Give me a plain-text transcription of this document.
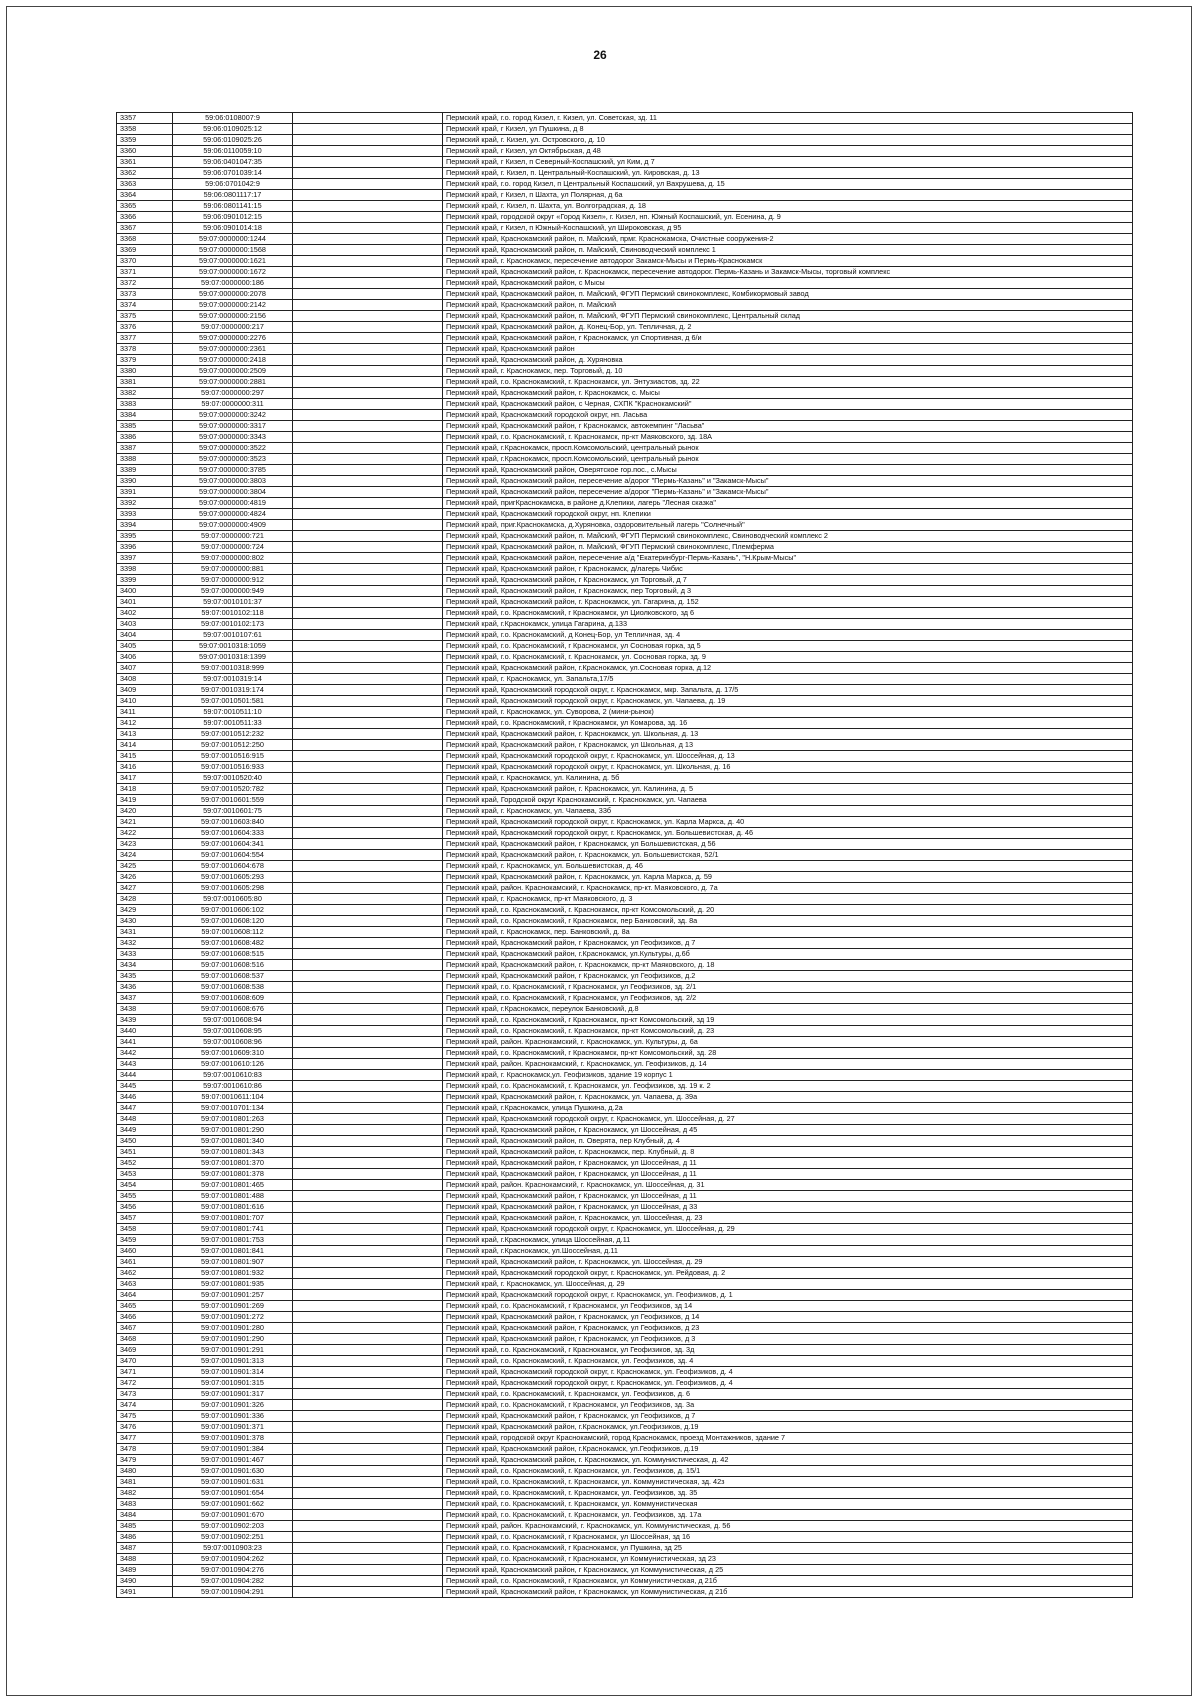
26
3357	59:06:0108007:9		Пермский край, г.о. город Кизел, г. Кизел, ул. Советская, зд. 11
3358	59:06:0109025:12		Пермский край, г Кизел, ул Пушкина, д 8
3359	59:06:0109025:26		Пермский край, г. Кизел, ул. Островского, д. 10
3360	59:06:0110059:10		Пермский край, г Кизел, ул Октябрьская, д 48
3361	59:06:0401047:35		Пермский край, г Кизел, п Северный-Коспашский, ул Ким, д 7
3362	59:06:0701039:14		Пермский край, г. Кизел, п. Центральный-Коспашский, ул. Кировская, д. 13
3363	59:06:0701042:9		Пермский край, г.о. город Кизел, п Центральный Коспашский, ул Вахрушева, д. 15
3364	59:06:0801117:17		Пермский край, г Кизел, п Шахта, ул Полярная, д 6а
3365	59:06:0801141:15		Пермский край, г. Кизел, п. Шахта, ул. Волгоградская, д. 18
3366	59:06:0901012:15		Пермский край, городской округ «Город Кизел», г. Кизел, нп. Южный Коспашский, ул. Есенина, д. 9
3367	59:06:0901014:18		Пермский край, г Кизел, п Южный-Коспашский, ул Широковская, д 95
3368	59:07:0000000:1244		Пермский край, Краснокамский район, п. Майский, прмг. Краснокамска, Очистные сооружения-2
3369	59:07:0000000:1568		Пермский край, Краснокамский район, п. Майский, Свиноводческий комплекс 1
3370	59:07:0000000:1621		Пермский край, г. Краснокамск, пересечение автодорог Закамск-Мысы и Пермь-Краснокамск
3371	59:07:0000000:1672		Пермский край, Краснокамский район, г. Краснокамск, пересечение автодорог. Пермь-Казань и Закамск-Мысы, торговый комплекс
3372	59:07:0000000:186		Пермский край, Краснокамский район, с Мысы
3373	59:07:0000000:2078		Пермский край, Краснокамский район, п. Майский, ФГУП Пермский свинокомплекс, Комбикормовый завод
3374	59:07:0000000:2142		Пермский край, Краснокамский район, п. Майский
3375	59:07:0000000:2156		Пермский край, Краснокамский район, п. Майский, ФГУП Пермский свинокомплекс, Центральный склад
3376	59:07:0000000:217		Пермский край, Краснокамский район, д. Конец-Бор, ул. Тепличная, д. 2
3377	59:07:0000000:2276		Пермский край, Краснокамский район, г Краснокамск, ул Спортивная, д 6/и
3378	59:07:0000000:2361		Пермский край, Краснокамский район
3379	59:07:0000000:2418		Пермский край, Краснокамский район, д. Хуряновка
3380	59:07:0000000:2509		Пермский край, г. Краснокамск, пер. Торговый, д. 10
3381	59:07:0000000:2881		Пермский край, г.о. Краснокамский, г. Краснокамск, ул. Энтузиастов, зд. 22
3382	59:07:0000000:297		Пермский край, Краснокамский район, г. Краснокамск, с. Мысы
3383	59:07:0000000:311		Пермский край, Краснокамский район, с Черная, СХПК "Краснокамский"
3384	59:07:0000000:3242		Пермский край, Краснокамский городской округ, нп. Ласьва
3385	59:07:0000000:3317		Пермский край, Краснокамский район, г Краснокамск, автокемпинг "Ласьва"
3386	59:07:0000000:3343		Пермский край, г.о. Краснокамский, г. Краснокамск, пр-кт Маяковского, зд. 18А
3387	59:07:0000000:3522		Пермский край, г.Краснокамск, просп.Комсомольский, центральный рынок
3388	59:07:0000000:3523		Пермский край, г.Краснокамск, просп.Комсомольский, центральный рынок
3389	59:07:0000000:3785		Пермский край, Краснокамский район, Оверятское гор.пос., с.Мысы
3390	59:07:0000000:3803		Пермский край, Краснокамский район, пересечение а/дорог "Пермь-Казань" и "Закамск-Мысы"
3391	59:07:0000000:3804		Пермский край, Краснокамский район, пересечение а/дорог "Пермь-Казань" и "Закамск-Мысы"
3392	59:07:0000000:4819		Пермский край, пригКраснокамска, в районе д.Клепики, лагерь "Лесная сказка"
3393	59:07:0000000:4824		Пермский край, Краснокамский городской округ, нп. Клепики
3394	59:07:0000000:4909		Пермский край, приг.Краснокамска, д.Хуряновка, оздоровительный лагерь "Солнечный"
3395	59:07:0000000:721		Пермский край, Краснокамский район, п. Майский, ФГУП Пермский свинокомплекс, Свиноводческий комплекс 2
3396	59:07:0000000:724		Пермский край, Краснокамский район, п. Майский, ФГУП Пермский свинокомплекс, Племферма
3397	59:07:0000000:802		Пермский край, Краснокамский район, пересечение а/д "Екатеринбург-Пермь-Казань", "Н.Крым-Мысы"
3398	59:07:0000000:881		Пермский край, Краснокамский район, г Краснокамск, д/лагерь Чибис
3399	59:07:0000000:912		Пермский край, Краснокамский район, г Краснокамск, ул Торговый, д 7
3400	59:07:0000000:949		Пермский край, Краснокамский район, г Краснокамск, пер Торговый, д 3
3401	59:07:0010101:37		Пермский край, Краснокамский район, г. Краснокамск, ул. Гагарина, д. 152
3402	59:07:0010102:118		Пермский край, г.о. Краснокамский, г Краснокамск, ул Циолковского, зд 6
3403	59:07:0010102:173		Пермский край, г.Краснокамск, улица Гагарина, д.133
3404	59:07:0010107:61		Пермский край, г.о. Краснокамский, д Конец-Бор, ул Тепличная, зд. 4
3405	59:07:0010318:1059		Пермский край, г.о. Краснокамский, г Краснокамск, ул Сосновая горка, зд 5
3406	59:07:0010318:1399		Пермский край, г.о. Краснокамский, г. Краснокамск, ул. Сосновая горка, зд. 9
3407	59:07:0010318:999		Пермский край, Краснокамский район, г.Краснокамск, ул.Сосновая горка, д.12
3408	59:07:0010319:14		Пермский край, г. Краснокамск, ул. Запальта,17/5
3409	59:07:0010319:174		Пермский край, Краснокамский городской округ, г. Краснокамск, мкр. Запальта, д. 17/5
3410	59:07:0010501:581		Пермский край, Краснокамский городской округ, г. Краснокамск, ул. Чапаева, д. 19
3411	59:07:0010511:10		Пермский край, г. Краснокамск, ул. Суворова, 2 (мини-рынок)
3412	59:07:0010511:33		Пермский край, г.о. Краснокамский, г Краснокамск, ул Комарова, зд. 16
3413	59:07:0010512:232		Пермский край, Краснокамский район, г. Краснокамск, ул. Школьная, д. 13
3414	59:07:0010512:250		Пермский край, Краснокамский район, г Краснокамск, ул Школьная, д 13
3415	59:07:0010516:915		Пермский край, Краснокамский городской округ, г. Краснокамск, ул. Шоссейная, д. 13
3416	59:07:0010516:933		Пермский край, Краснокамский городской округ, г. Краснокамск, ул. Школьная, д. 16
3417	59:07:0010520:40		Пермский край, г. Краснокамск, ул. Калинина, д. 5б
3418	59:07:0010520:782		Пермский край, Краснокамский район, г. Краснокамск, ул. Калинина, д. 5
3419	59:07:0010601:559		Пермский край, Городской округ Краснокамский, г. Краснокамск, ул. Чапаева
3420	59:07:0010601:75		Пермский край, г. Краснокамск, ул. Чапаева, 33б
3421	59:07:0010603:840		Пермский край, Краснокамский городской округ, г. Краснокамск, ул. Карла Маркса, д. 40
3422	59:07:0010604:333		Пермский край, Краснокамский городской округ, г. Краснокамск, ул. Большевистская, д. 46
3423	59:07:0010604:341		Пермский край, Краснокамский район, г Краснокамск, ул Большевистская, д 56
3424	59:07:0010604:554		Пермский край, Краснокамский район, г. Краснокамск, ул. Большевистская, 52/1
3425	59:07:0010604:678		Пермский край, г. Краснокамск, ул. Большевистская, д. 46
3426	59:07:0010605:293		Пермский край, Краснокамский район, г. Краснокамск, ул. Карла Маркса, д. 59
3427	59:07:0010605:298		Пермский край, район. Краснокамский, г. Краснокамск, пр-кт. Маяковского, д. 7а
3428	59:07:0010605:80		Пермский край, г. Краснокамск, пр-кт Маяковского, д. 3
3429	59:07:0010606:102		Пермский край, г.о. Краснокамский, г. Краснокамск, пр-кт Комсомольский, д. 20
3430	59:07:0010608:120		Пермский край, г.о. Краснокамский, г Краснокамск, пер Банковский, зд. 8а
3431	59:07:0010608:112		Пермский край, г. Краснокамск, пер. Банковский, д. 8а
3432	59:07:0010608:482		Пермский край, Краснокамский район, г Краснокамск, ул Геофизиков, д 7
3433	59:07:0010608:515		Пермский край, Краснокамский район, г.Краснокамск, ул.Культуры, д.6б
3434	59:07:0010608:516		Пермский край, Краснокамский район, г. Краснокамск, пр-кт Маяковского, д. 18
3435	59:07:0010608:537		Пермский край, Краснокамский район, г Краснокамск, ул Геофизиков, д.2
3436	59:07:0010608:538		Пермский край, г.о. Краснокамский, г Краснокамск, ул Геофизиков, зд. 2/1
3437	59:07:0010608:609		Пермский край, г.о. Краснокамский, г Краснокамск, ул Геофизиков, зд. 2/2
3438	59:07:0010608:676		Пермский край, г.Краснокамск, переулок Банковский, д.8
3439	59:07:0010608:94		Пермский край, г.о. Краснокамский, г Краснокамск, пр-кт Комсомольский, зд 19
3440	59:07:0010608:95		Пермский край, г.о. Краснокамский, г. Краснокамск, пр-кт Комсомольский, д. 23
3441	59:07:0010608:96		Пермский край, район. Краснокамский, г. Краснокамск, ул. Культуры, д. 6а
3442	59:07:0010609:310		Пермский край, г.о. Краснокамский, г Краснокамск, пр-кт Комсомольский, зд. 28
3443	59:07:0010610:126		Пермский край, район. Краснокамский, г. Краснокамск, ул. Геофизиков, д. 14
3444	59:07:0010610:83		Пермский край, г. Краснокамск,ул. Геофизиков, здание 19 корпус 1
3445	59:07:0010610:86		Пермский край, г.о. Краснокамский, г. Краснокамск, ул. Геофизиков, зд. 19 к. 2
3446	59:07:0010611:104		Пермский край, Краснокамский район, г. Краснокамск, ул. Чапаева, д. 39а
3447	59:07:0010701:134		Пермский край, г.Краснокамск, улица Пушкина, д.2а
3448	59:07:0010801:263		Пермский край, Краснокамский городской округ, г. Краснокамск, ул. Шоссейная, д. 27
3449	59:07:0010801:290		Пермский край, Краснокамский район, г Краснокамск, ул Шоссейная, д 45
3450	59:07:0010801:340		Пермский край, Краснокамский район, п. Оверята, пер Клубный, д. 4
3451	59:07:0010801:343		Пермский край, Краснокамский район, г. Краснокамск, пер. Клубный, д. 8
3452	59:07:0010801:370		Пермский край, Краснокамский район, г Краснокамск, ул Шоссейная, д 11
3453	59:07:0010801:378		Пермский край, Краснокамский район, г Краснокамск, ул Шоссейная, д 11
3454	59:07:0010801:465		Пермский край, район. Краснокамский, г. Краснокамск, ул. Шоссейная, д. 31
3455	59:07:0010801:488		Пермский край, Краснокамский район, г Краснокамск, ул Шоссейная, д 11
3456	59:07:0010801:616		Пермский край, Краснокамский район, г Краснокамск, ул Шоссейная, д 33
3457	59:07:0010801:707		Пермский край, Краснокамский район, г. Краснокамск, ул. Шоссейная, д. 23
3458	59:07:0010801:741		Пермский край, Краснокамский городской округ, г. Краснокамск, ул. Шоссейная, д. 29
3459	59:07:0010801:753		Пермский край, г.Краснокамск, улица Шоссейная, д.11
3460	59:07:0010801:841		Пермский край, г.Краснокамск, ул.Шоссейная, д.11
3461	59:07:0010801:907		Пермский край, Краснокамский район, г. Краснокамск, ул. Шоссейная, д. 29
3462	59:07:0010801:932		Пермский край, Краснокамский городской округ, г. Краснокамск, ул. Рейдовая, д. 2
3463	59:07:0010801:935		Пермский край, г. Краснокамск, ул. Шоссейная, д. 29
3464	59:07:0010901:257		Пермский край, Краснокамский городской округ, г. Краснокамск, ул. Геофизиков, д. 1
3465	59:07:0010901:269		Пермский край, г.о. Краснокамский, г Краснокамск, ул Геофизиков, зд 14
3466	59:07:0010901:272		Пермский край, Краснокамский район, г Краснокамск, ул Геофизиков, д 14
3467	59:07:0010901:280		Пермский край, Краснокамский район, г Краснокамск, ул Геофизиков, д 23
3468	59:07:0010901:290		Пермский край, Краснокамский район, г Краснокамск, ул Геофизиков, д 3
3469	59:07:0010901:291		Пермский край, г.о. Краснокамский, г Краснокамск, ул Геофизиков, зд. 3д
3470	59:07:0010901:313		Пермский край, г.о. Краснокамский, г. Краснокамск, ул. Геофизиков, зд. 4
3471	59:07:0010901:314		Пермский край, Краснокамский городской округ, г. Краснокамск, ул. Геофизиков, д. 4
3472	59:07:0010901:315		Пермский край, Краснокамский городской округ, г. Краснокамск, ул. Геофизиков, д. 4
3473	59:07:0010901:317		Пермский край, г.о. Краснокамский, г. Краснокамск, ул. Геофизиков, д. 6
3474	59:07:0010901:326		Пермский край, г.о. Краснокамский, г Краснокамск, ул Геофизиков, зд. 3а
3475	59:07:0010901:336		Пермский край, Краснокамский район, г Краснокамск, ул Геофизиков, д 7
3476	59:07:0010901:371		Пермский край, Краснокамский район, г.Краснокамск, ул.Геофизиков, д.19
3477	59:07:0010901:378		Пермский край, городской округ Краснокамский, город Краснокамск, проезд Монтажников, здание 7
3478	59:07:0010901:384		Пермский край, Краснокамский район, г.Краснокамск, ул.Геофизиков, д.19
3479	59:07:0010901:467		Пермский край, Краснокамский район, г. Краснокамск, ул. Коммунистическая, д. 42
3480	59:07:0010901:630		Пермский край, г.о. Краснокамский, г. Краснокамск, ул. Геофизиков, д. 15/1
3481	59:07:0010901:631		Пермский край, г.о. Краснокамский, г. Краснокамск, ул. Коммунистическая, зд. 42з
3482	59:07:0010901:654		Пермский край, г.о. Краснокамский, г. Краснокамск, ул. Геофизиков, зд. 35
3483	59:07:0010901:662		Пермский край, г.о. Краснокамский, г. Краснокамск, ул. Коммунистическая
3484	59:07:0010901:670		Пермский край, г.о. Краснокамский, г. Краснокамск, ул. Геофизиков, зд. 17а
3485	59:07:0010902:203		Пермский край, район. Краснокамский, г. Краснокамск, ул. Коммунистическая, д. 56
3486	59:07:0010902:251		Пермский край, г.о. Краснокамский, г Краснокамск, ул Шоссейная, зд 16
3487	59:07:0010903:23		Пермский край, г.о. Краснокамский, г Краснокамск, ул Пушкина, зд 25
3488	59:07:0010904:262		Пермский край, г.о. Краснокамский, г Краснокамск, ул Коммунистическая, зд 23
3489	59:07:0010904:276		Пермский край, Краснокамский район, г Краснокамск, ул Коммунистическая, д 25
3490	59:07:0010904:282		Пермский край, г.о. Краснокамский, г Краснокамск, ул Коммунистическая, д 21б
3491	59:07:0010904:291		Пермский край, Краснокамский район, г Краснокамск, ул Коммунистическая, д 21б
